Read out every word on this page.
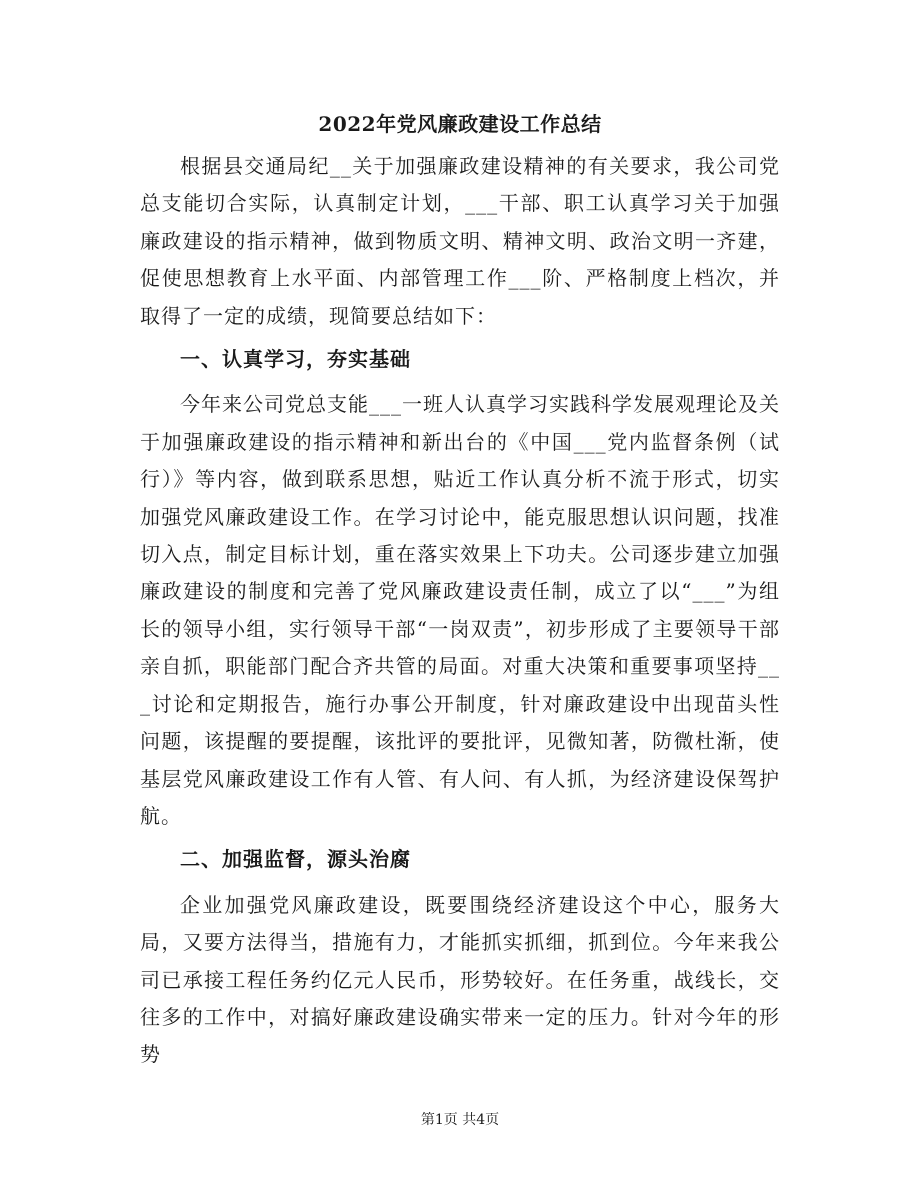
2022年党风廉政建设工作总结

根据县交通局纪__关于加强廉政建设精神的有关要求，我公司党总支能切合实际，认真制定计划，___干部、职工认真学习关于加强廉政建设的指示精神，做到物质文明、精神文明、政治文明一齐建，促使思想教育上水平面、内部管理工作___阶、严格制度上档次，并取得了一定的成绩，现简要总结如下：

一、认真学习，夯实基础

今年来公司党总支能___一班人认真学习实践科学发展观理论及关于加强廉政建设的指示精神和新出台的《中国___党内监督条例（试行）》等内容，做到联系思想，贴近工作认真分析不流于形式，切实加强党风廉政建设工作。在学习讨论中，能克服思想认识问题，找准切入点，制定目标计划，重在落实效果上下功夫。公司逐步建立加强廉政建设的制度和完善了党风廉政建设责任制，成立了以“___”为组长的领导小组，实行领导干部“一岗双责”，初步形成了主要领导干部亲自抓，职能部门配合齐共管的局面。对重大决策和重要事项坚持___讨论和定期报告，施行办事公开制度，针对廉政建设中出现苗头性问题，该提醒的要提醒，该批评的要批评，见微知著，防微杜渐，使基层党风廉政建设工作有人管、有人问、有人抓，为经济建设保驾护航。

二、加强监督，源头治腐

企业加强党风廉政建设，既要围绕经济建设这个中心，服务大局，又要方法得当，措施有力，才能抓实抓细，抓到位。今年来我公司已承接工程任务约亿元人民币，形势较好。在任务重，战线长，交往多的工作中，对搞好廉政建设确实带来一定的压力。针对今年的形势

第1页 共4页
